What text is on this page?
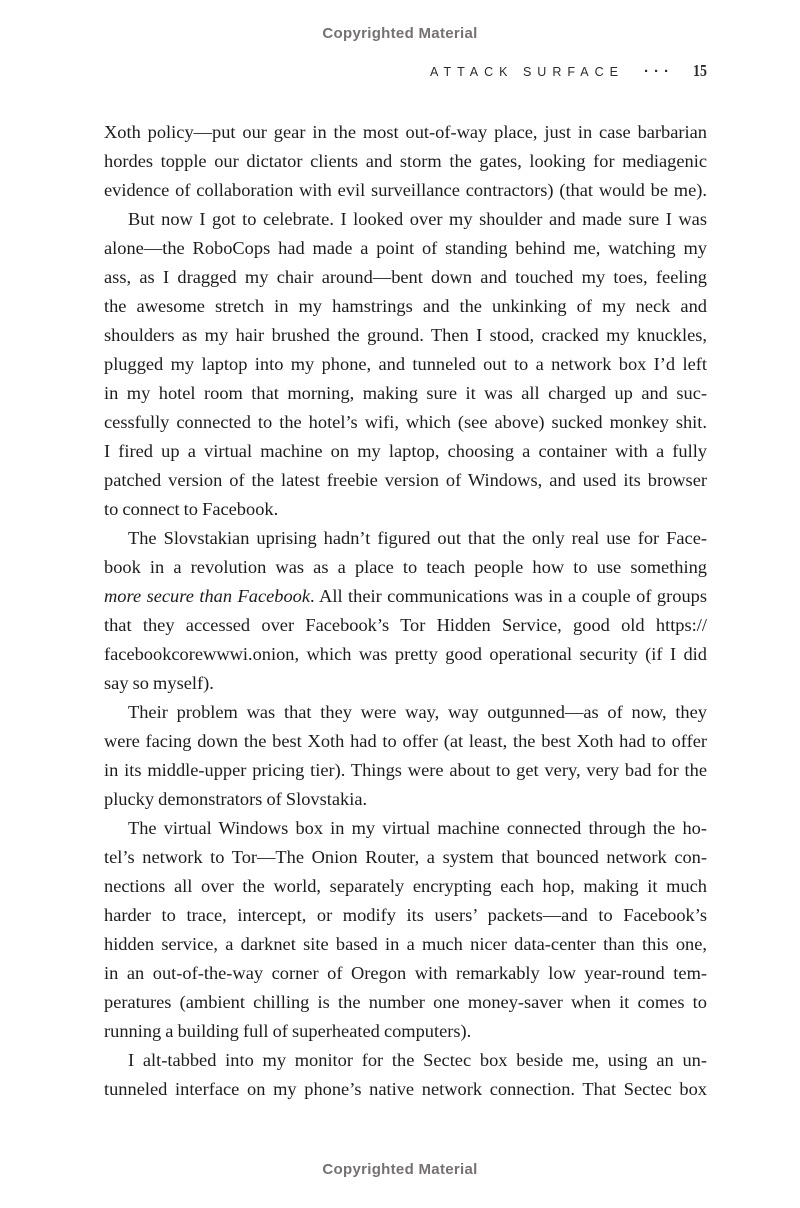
Copyrighted Material
ATTACK SURFACE ··· 15
Xoth policy—put our gear in the most out-of-way place, just in case barbarian
hordes topple our dictator clients and storm the gates, looking for mediagenic
evidence of collaboration with evil surveillance contractors) (that would be me).
But now I got to celebrate. I looked over my shoulder and made sure I was
alone—the RoboCops had made a point of standing behind me, watching my
ass, as I dragged my chair around—bent down and touched my toes, feeling
the awesome stretch in my hamstrings and the unkinking of my neck and
shoulders as my hair brushed the ground. Then I stood, cracked my knuckles,
plugged my laptop into my phone, and tunneled out to a network box I’d left
in my hotel room that morning, making sure it was all charged up and suc-
cessfully connected to the hotel’s wifi, which (see above) sucked monkey shit.
I fired up a virtual machine on my laptop, choosing a container with a fully
patched version of the latest freebie version of Windows, and used its browser
to connect to Facebook.
The Slovstakian uprising hadn’t figured out that the only real use for Face-
book in a revolution was as a place to teach people how to use something
more secure than Facebook. All their communications was in a couple of groups
that they accessed over Facebook’s Tor Hidden Service, good old https://
facebookcorewwwi.onion, which was pretty good operational security (if I did
say so myself).
Their problem was that they were way, way outgunned—as of now, they
were facing down the best Xoth had to offer (at least, the best Xoth had to offer
in its middle-upper pricing tier). Things were about to get very, very bad for the
plucky demonstrators of Slovstakia.
The virtual Windows box in my virtual machine connected through the ho-
tel’s network to Tor—The Onion Router, a system that bounced network con-
nections all over the world, separately encrypting each hop, making it much
harder to trace, intercept, or modify its users’ packets—and to Facebook’s
hidden service, a darknet site based in a much nicer data-center than this one,
in an out-of-the-way corner of Oregon with remarkably low year-round tem-
peratures (ambient chilling is the number one money-saver when it comes to
running a building full of superheated computers).
I alt-tabbed into my monitor for the Sectec box beside me, using an un-
tunneled interface on my phone’s native network connection. That Sectec box
Copyrighted Material
